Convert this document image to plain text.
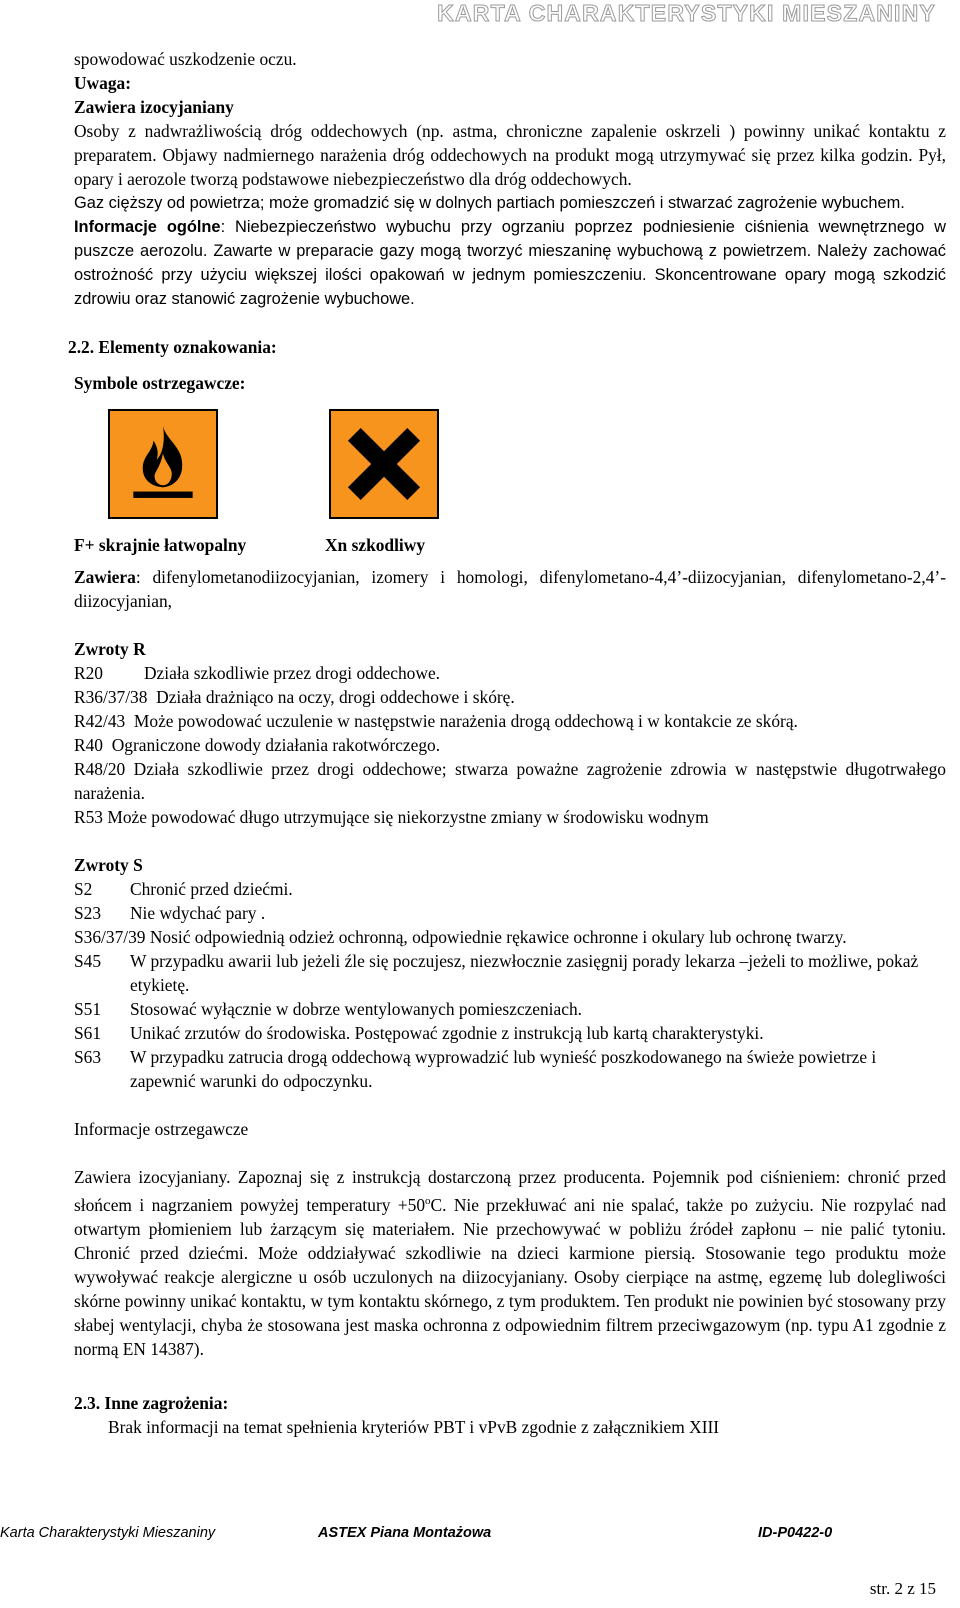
KARTA CHARAKTERYSTYKI MIESZANINY

spowodować uszkodzenie oczu.

Uwaga:

Zawiera izocyjaniany

Osoby z nadwrażliwością dróg oddechowych (np. astma, chroniczne zapalenie oskrzeli ) powinny unikać kontaktu z preparatem. Objawy nadmiernego narażenia dróg oddechowych na produkt mogą utrzymywać się przez kilka godzin. Pył, opary i aerozole tworzą podstawowe niebezpieczeństwo dla dróg oddechowych.

Gaz cięższy od powietrza; może gromadzić się w dolnych partiach pomieszczeń i stwarzać zagrożenie wybuchem.

Informacje ogólne: Niebezpieczeństwo wybuchu przy ogrzaniu poprzez podniesienie ciśnienia wewnętrznego w puszcze aerozolu. Zawarte w preparacie gazy mogą tworzyć mieszaninę wybuchową z powietrzem. Należy zachować ostrożność przy użyciu większej ilości opakowań w jednym pomieszczeniu. Skoncentrowane opary mogą szkodzić zdrowiu oraz stanowić zagrożenie wybuchowe.

2.2. Elementy oznakowania:

Symbole ostrzegawcze:

F+ skrajnie łatwopalny	Xn szkodliwy

Zawiera: difenylometanodiizocyjanian, izomery i homologi, difenylometano-4,4’-diizocyjanian, difenylometano-2,4’-diizocyjanian,

Zwroty R

R20 Działa szkodliwie przez drogi oddechowe.

R36/37/38 Działa drażniąco na oczy, drogi oddechowe i skórę.

R42/43 Może powodować uczulenie w następstwie narażenia drogą oddechową i w kontakcie ze skórą.

R40 Ograniczone dowody działania rakotwórczego.

R48/20 Działa szkodliwie przez drogi oddechowe; stwarza poważne zagrożenie zdrowia w następstwie długotrwałego narażenia.

R53 Może powodować długo utrzymujące się niekorzystne zmiany w środowisku wodnym

Zwroty S

S2	Chronić przed dziećmi.
S23	Nie wdychać pary .

S36/37/39 Nosić odpowiednią odzież ochronną, odpowiednie rękawice ochronne i okulary lub ochronę twarzy.

S45	W przypadku awarii lub jeżeli źle się poczujesz, niezwłocznie zasięgnij porady lekarza –jeżeli to możliwe, pokaż etykietę.
S51	Stosować wyłącznie w dobrze wentylowanych pomieszczeniach.
S61	Unikać zrzutów do środowiska. Postępować zgodnie z instrukcją lub kartą charakterystyki.
S63	W przypadku zatrucia drogą oddechową wyprowadzić lub wynieść poszkodowanego na świeże powietrze i zapewnić warunki do odpoczynku.

Informacje ostrzegawcze

Zawiera izocyjaniany. Zapoznaj się z instrukcją dostarczoną przez producenta. Pojemnik pod ciśnieniem: chronić przed słońcem i nagrzaniem powyżej temperatury $+50^oC$. Nie przekłuwać ani nie spalać, także po zużyciu. Nie rozpylać nad otwartym płomieniem lub żarzącym się materiałem. Nie przechowywać w pobliżu źródeł zapłonu – nie palić tytoniu. Chronić przed dziećmi. Może oddziaływać szkodliwie na dzieci karmione piersią. Stosowanie tego produktu może wywoływać reakcje alergiczne u osób uczulonych na diizocyjaniany. Osoby cierpiące na astmę, egzemę lub dolegliwości skórne powinny unikać kontaktu, w tym kontaktu skórnego, z tym produktem. Ten produkt nie powinien być stosowany przy słabej wentylacji, chyba że stosowana jest maska ochronna z odpowiednim filtrem przeciwgazowym (np. typu A1 zgodnie z normą EN 14387).

2.3. Inne zagrożenia:

Brak informacji na temat spełnienia kryteriów PBT i vPvB zgodnie z załącznikiem XIII

Karta Charakteryst​yki Mieszaniny	ASTEX Piana Montażowa	ID-P0422-0
str. 2 z 15
